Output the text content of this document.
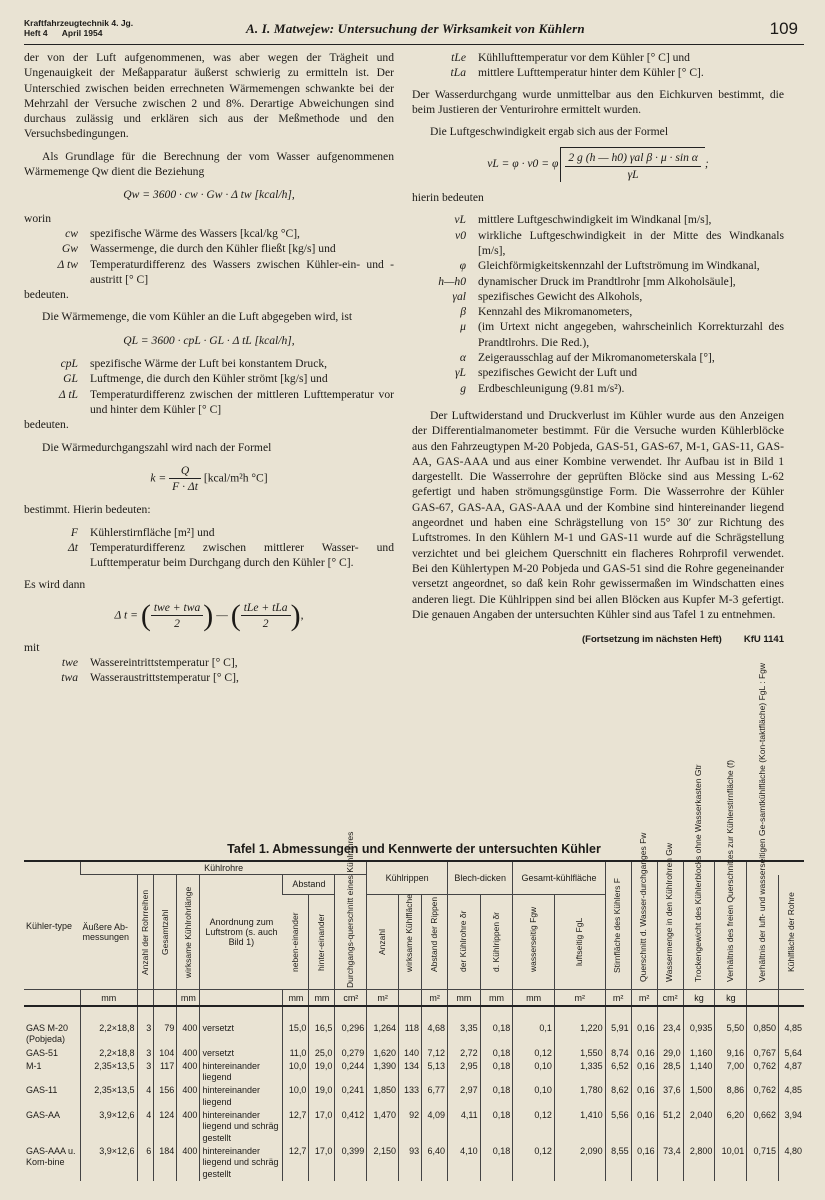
Kraftfahrzeugtechnik 4. Jg.
Heft 4 April 1954	A. I. Matwejew: Untersuchung der Wirksamkeit von Kühlern	109

der von der Luft aufgenommenen, was aber wegen der Trägheit und Ungenauigkeit der Meßapparatur äußerst schwierig zu ermitteln ist. Der Unterschied zwischen beiden errechneten Wärmemengen schwankte bei der Mehrzahl der Versuche zwischen 2 und 8%. Derartige Abweichungen sind durchaus zulässig und erklären sich aus der Meßmethode und den Versuchsbedingungen.

Als Grundlage für die Berechnung der vom Wasser aufgenommenen Wärmemenge Qw dient die Beziehung

Qw = 3600 · cw · Gw · Δ tw [kcal/h],
worin
cw	spezifische Wärme des Wassers [kcal/kg °C],
Gw	Wassermenge, die durch den Kühler fließt [kg/s] und
Δ tw	Temperaturdifferenz des Wassers zwischen Kühler-ein- und -austritt [° C]

bedeuten.

Die Wärmemenge, die vom Kühler an die Luft abgegeben wird, ist

QL = 3600 · cpL · GL · Δ tL [kcal/h],
cpL	spezifische Wärme der Luft bei konstantem Druck,
GL	Luftmenge, die durch den Kühler strömt [kg/s] und
Δ tL	Temperaturdifferenz zwischen der mittleren Lufttemperatur vor und hinter dem Kühler [° C]

bedeuten.

Die Wärmedurchgangszahl wird nach der Formel

$k = \frac{Q}{F \cdot \Delta t}$ [kcal/m²h °C]

bestimmt. Hierin bedeuten:

F	Kühlerstirnfläche [m²] und
Δt	Temperaturdifferenz zwischen mittlerer Wasser- und Lufttemperatur beim Durchgang durch den Kühler [° C].

Es wird dann

Δ t = ( $\frac{\text{twe + twa}}{2}$ ) — ( $\frac{\text{tLe + tLa}}{2}$ ),
mit
twe	Wassereintrittstemperatur [° C],
twa	Wasseraustrittstemperatur [° C],
tLe	Kühllufttemperatur vor dem Kühler [° C] und
tLa	mittlere Lufttemperatur hinter dem Kühler [° C].

Der Wasserdurchgang wurde unmittelbar aus den Eichkurven bestimmt, die beim Justieren der Venturirohre ermittelt wurden.

Die Luftgeschwindigkeit ergab sich aus der Formel

vL = φ · v0 = φ $\frac{\text{2 g (h — h0) γal β · μ · sin α}}{\gamma L}$ ;

hierin bedeuten

vL	mittlere Luftgeschwindigkeit im Windkanal [m/s],
v0	wirkliche Luftgeschwindigkeit in der Mitte des Windkanals [m/s],
φ	Gleichförmigkeitskennzahl der Luftströmung im Windkanal,
h—h0	dynamischer Druck im Prandtlrohr [mm Alkoholsäule],
γal	spezifisches Gewicht des Alkohols,
β	Kennzahl des Mikromanometers,
μ	(im Urtext nicht angegeben, wahrscheinlich Korrekturzahl des Prandtlrohrs. Die Red.),
α	Zeigerausschlag auf der Mikromanometerskala [°],
γL	spezifisches Gewicht der Luft und
g	Erdbeschleunigung (9.81 m/s²).

Der Luftwiderstand und Druckverlust im Kühler wurde aus den Anzeigen der Differentialmanometer bestimmt. Für die Versuche wurden Kühlerblöcke aus den Fahrzeugtypen M-20 Pobjeda, GAS-51, GAS-67, M-1, GAS-11, GAS-AA, GAS-AAA und aus einer Kombine verwendet. Ihr Aufbau ist in Bild 1 dargestellt. Die Wasserrohre der geprüften Blöcke sind aus Messing L-62 gefertigt und haben strömungsgünstige Form. Die Wasserrohre der Kühler GAS-67, GAS-AA, GAS-AAA und der Kombine sind hintereinander liegend angeordnet und haben eine Schrägstellung von 15° 30′ zur Richtung des Luftstromes. In den Kühlern M-1 und GAS-11 wurde auf die Schrägstellung verzichtet und bei gleichem Querschnitt ein flacheres Rohrprofil verwendet. Bei den Kühlertypen M-20 Pobjeda und GAS-51 sind die Rohre gegeneinander versetzt angeordnet, so daß kein Rohr gewissermaßen im Windschatten eines anderen liegt. Die Kühlrippen sind bei allen Blöcken aus Kupfer M-3 gefertigt. Die genauen Angaben der untersuchten Kühler sind aus Tafel 1 zu entnehmen.

(Fortsetzung im nächsten Heft) KfU 1141
Tafel 1. Abmessungen und Kennwerte der untersuchten Kühler
Kühler-type	Kühlrohre								Kühlrippen			Blech-dicken		Gesamt-kühlfläche		Stirnfläche des Kühlers F	Querschnitt d. Wasser-durchganges Fw	Wassermenge in den Kühlrohren Gw	Trockengewicht des Kühlerblocks ohne Wasserkasten Gtr	Verhältnis des freien Querschnittes zur Kühlerstirnfläche (f)	Verhältnis der luft- und wasserseitigen Ge-samtkühlfläche (Kon-taktfläche) FgL : Fgw	

	Äußere Ab-messungen	Anzahl der Rohrreihen	Gesamtzahl	wirksame Kühlrohrlänge	Anordnung zum Luftstrom (s. auch Bild 1)	Abstand		Durchgangs-querschnitt eines Kühlrohres														Kühlfläche der Rohre

						neben-einander	hinter-einander		Anzahl	wirksame Kühlfläche	Abstand der Rippen	der Kühlrohre δr	d. Kühlrippen δr	wasserseitig Fgw	luftseitig FgL							

	mm			mm		mm	mm	cm²	m²		m²	mm	mm	mm	m²	m²	m²	cm²	kg	kg		
GAS M-20 (Pobjeda)	2,2×18,8	3	79	400	versetzt	15,0	16,5	0,296	1,264	118	4,68	3,35	0,18	0,1	1,220	5,91	0,16	23,4	0,935	5,50	0,850	4,85
GAS-51	2,2×18,8	3	104	400	versetzt	11,0	25,0	0,279	1,620	140	7,12	2,72	0,18	0,12	1,550	8,74	0,16	29,0	1,160	9,16	0,767	5,64
M-1	2,35×13,5	3	117	400	hintereinander liegend	10,0	19,0	0,244	1,390	134	5,13	2,95	0,18	0,10	1,335	6,52	0,16	28,5	1,140	7,00	0,762	4,87
GAS-11	2,35×13,5	4	156	400	hintereinander liegend	10,0	19,0	0,241	1,850	133	6,77	2,97	0,18	0,10	1,780	8,62	0,16	37,6	1,500	8,86	0,762	4,85
GAS-AA	3,9×12,6	4	124	400	hintereinander liegend und schräg gestellt	12,7	17,0	0,412	1,470	92	4,09	4,11	0,18	0,12	1,410	5,56	0,16	51,2	2,040	6,20	0,662	3,94
GAS-AAA u. Kom-bine	3,9×12,6	6	184	400	hintereinander liegend und schräg gestellt	12,7	17,0	0,399	2,150	93	6,40	4,10	0,18	0,12	2,090	8,55	0,16	73,4	2,800	10,01	0,715	4,80
